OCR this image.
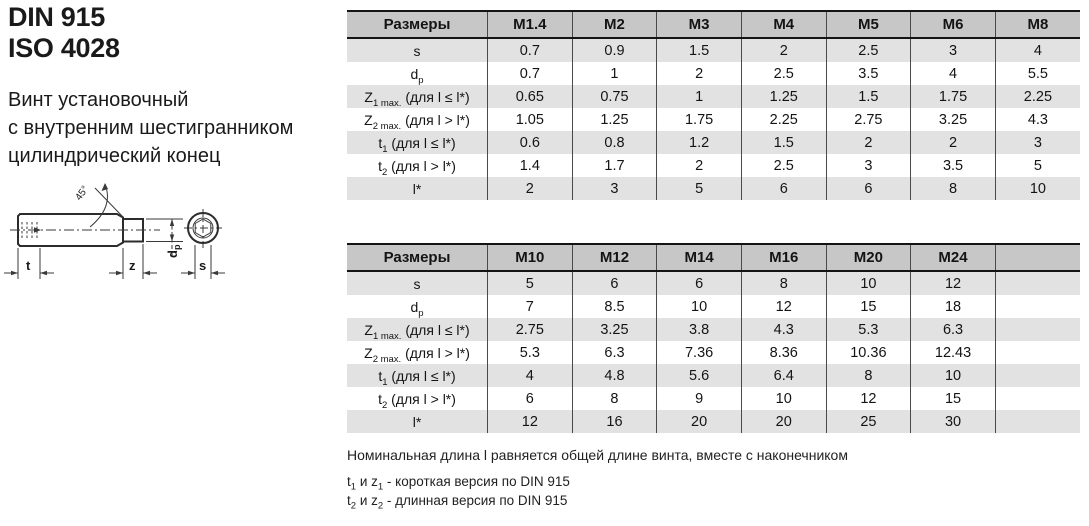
DIN 915
ISO 4028
Винт установочный
с внутренним шестигранником
цилиндрический конец
45°
t	z
$d_p$
s
Размеры	M1.4	M2	M3	M4	M5	M6	M8
s	0.7	0.9	1.5	2	2.5	3	4
$d_p$	0.7	1	2	2.5	3.5	4	5.5
$Z_{1 max.}$ (для l ≤ l*)	0.65	0.75	1	1.25	1.5	1.75	2.25
$Z_{2 max.}$ (для l > l*)	1.05	1.25	1.75	2.25	2.75	3.25	4.3
$t_1$ (для l ≤ l*)	0.6	0.8	1.2	1.5	2	2	3
$t_2$ (для l > l*)	1.4	1.7	2	2.5	3	3.5	5
l*	2	3	5	6	6	8	10
Размеры	M10	M12	M14	M16	M20	M24	
s	5	6	6	8	10	12	
$d_p$	7	8.5	10	12	15	18	
$Z_{1 max.}$ (для l ≤ l*)	2.75	3.25	3.8	4.3	5.3	6.3	
$Z_{2 max.}$ (для l > l*)	5.3	6.3	7.36	8.36	10.36	12.43	
$t_1$ (для l ≤ l*)	4	4.8	5.6	6.4	8	10	
$t_2$ (для l > l*)	6	8	9	10	12	15	
l*	12	16	20	20	25	30	
Номинальная длина l равняется общей длине винта, вместе с наконечником
$t_1$ и $z_1$ - короткая версия по DIN 915
$t_2$ и $z_2$ - длинная версия по DIN 915
